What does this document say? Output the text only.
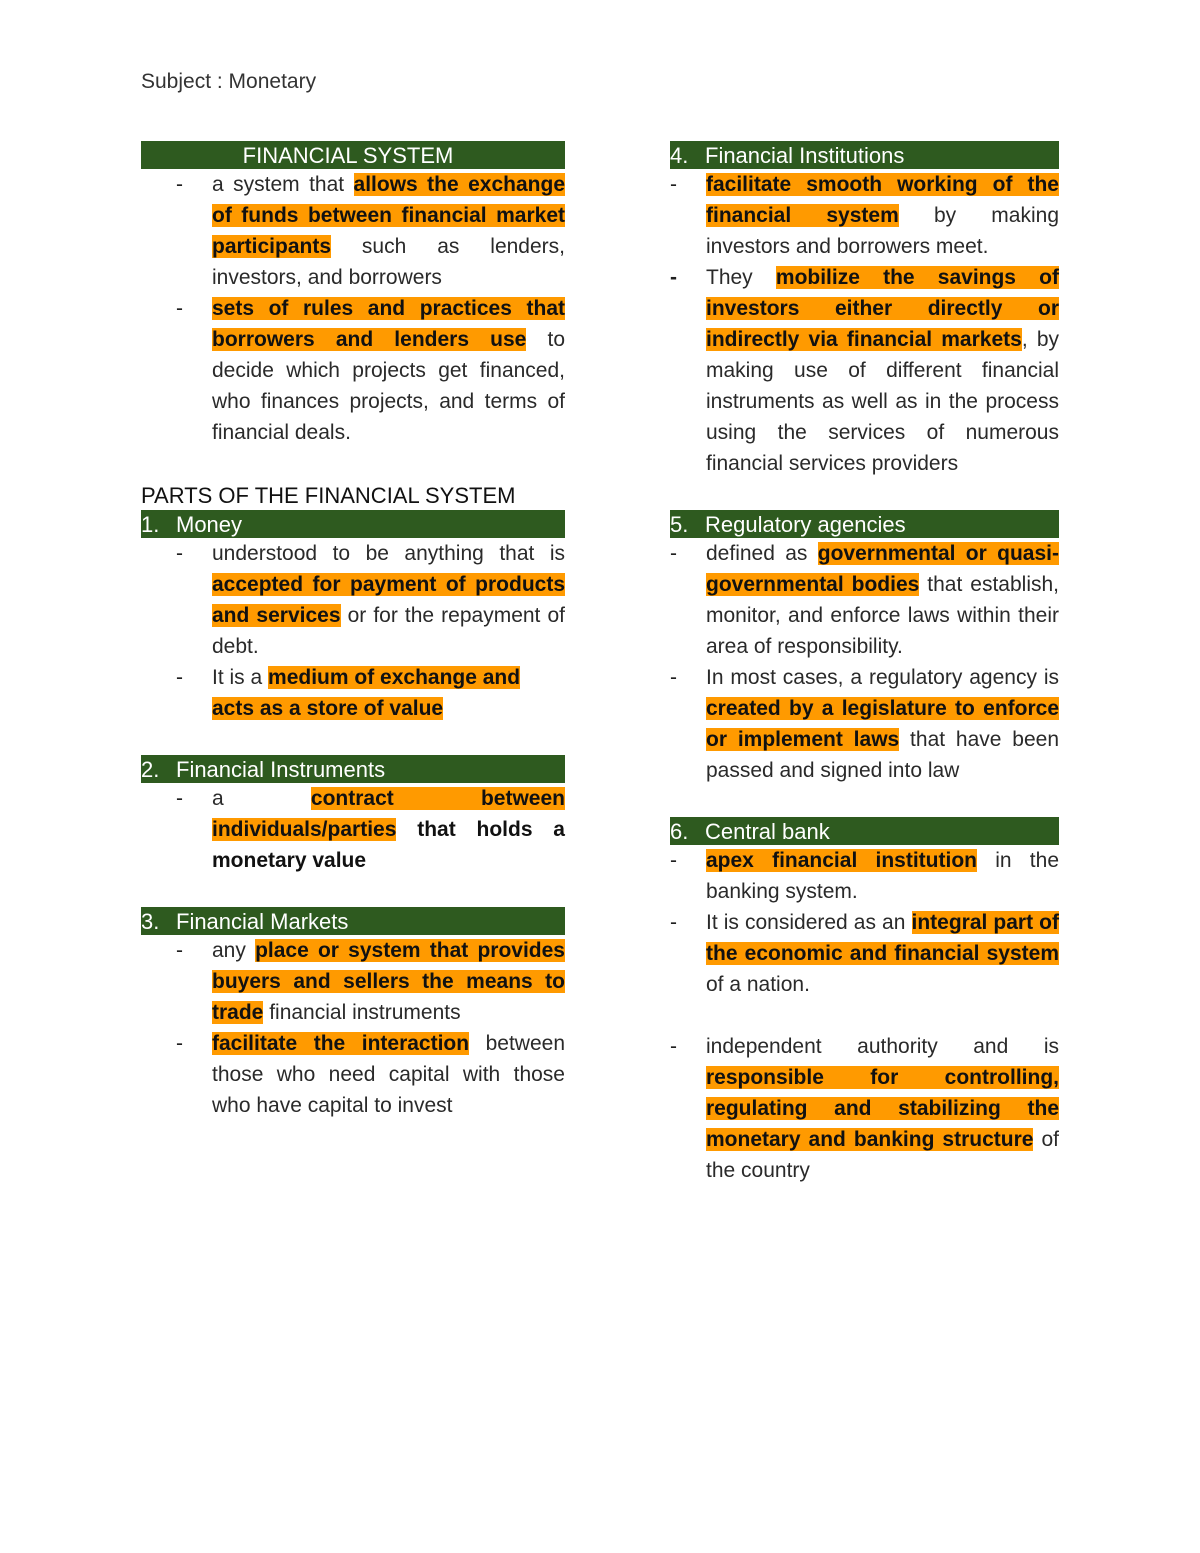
Subject : Monetary
FINANCIAL SYSTEM
- a system that allows the exchange of funds between financial market participants such as lenders, investors, and borrowers

- sets of rules and practices that borrowers and lenders use to decide which projects get financed, who finances projects, and terms of financial deals.

PARTS OF THE FINANCIAL SYSTEM
1. Money
- understood to be anything that is accepted for payment of products and services or for the repayment of debt.

- It is a medium of exchange and acts as a store of value

2. Financial Instruments
- a contract between individuals/parties that holds a monetary value

3. Financial Markets
- any place or system that provides buyers and sellers the means to trade financial instruments

- facilitate the interaction between those who need capital with those who have capital to invest

4. Financial Institutions
- facilitate smooth working of the financial system by making investors and borrowers meet.

- They mobilize the savings of investors either directly or indirectly via financial markets, by making use of different financial instruments as well as in the process using the services of numerous financial services providers

5. Regulatory agencies
- defined as governmental or quasi-governmental bodies that establish, monitor, and enforce laws within their area of responsibility.

- In most cases, a regulatory agency is created by a legislature to enforce or implement laws that have been passed and signed into law

6. Central bank
- apex financial institution in the banking system.

- It is considered as an integral part of the economic and financial system of a nation.

- independent authority and is responsible for controlling, regulating and stabilizing the monetary and banking structure of the country
